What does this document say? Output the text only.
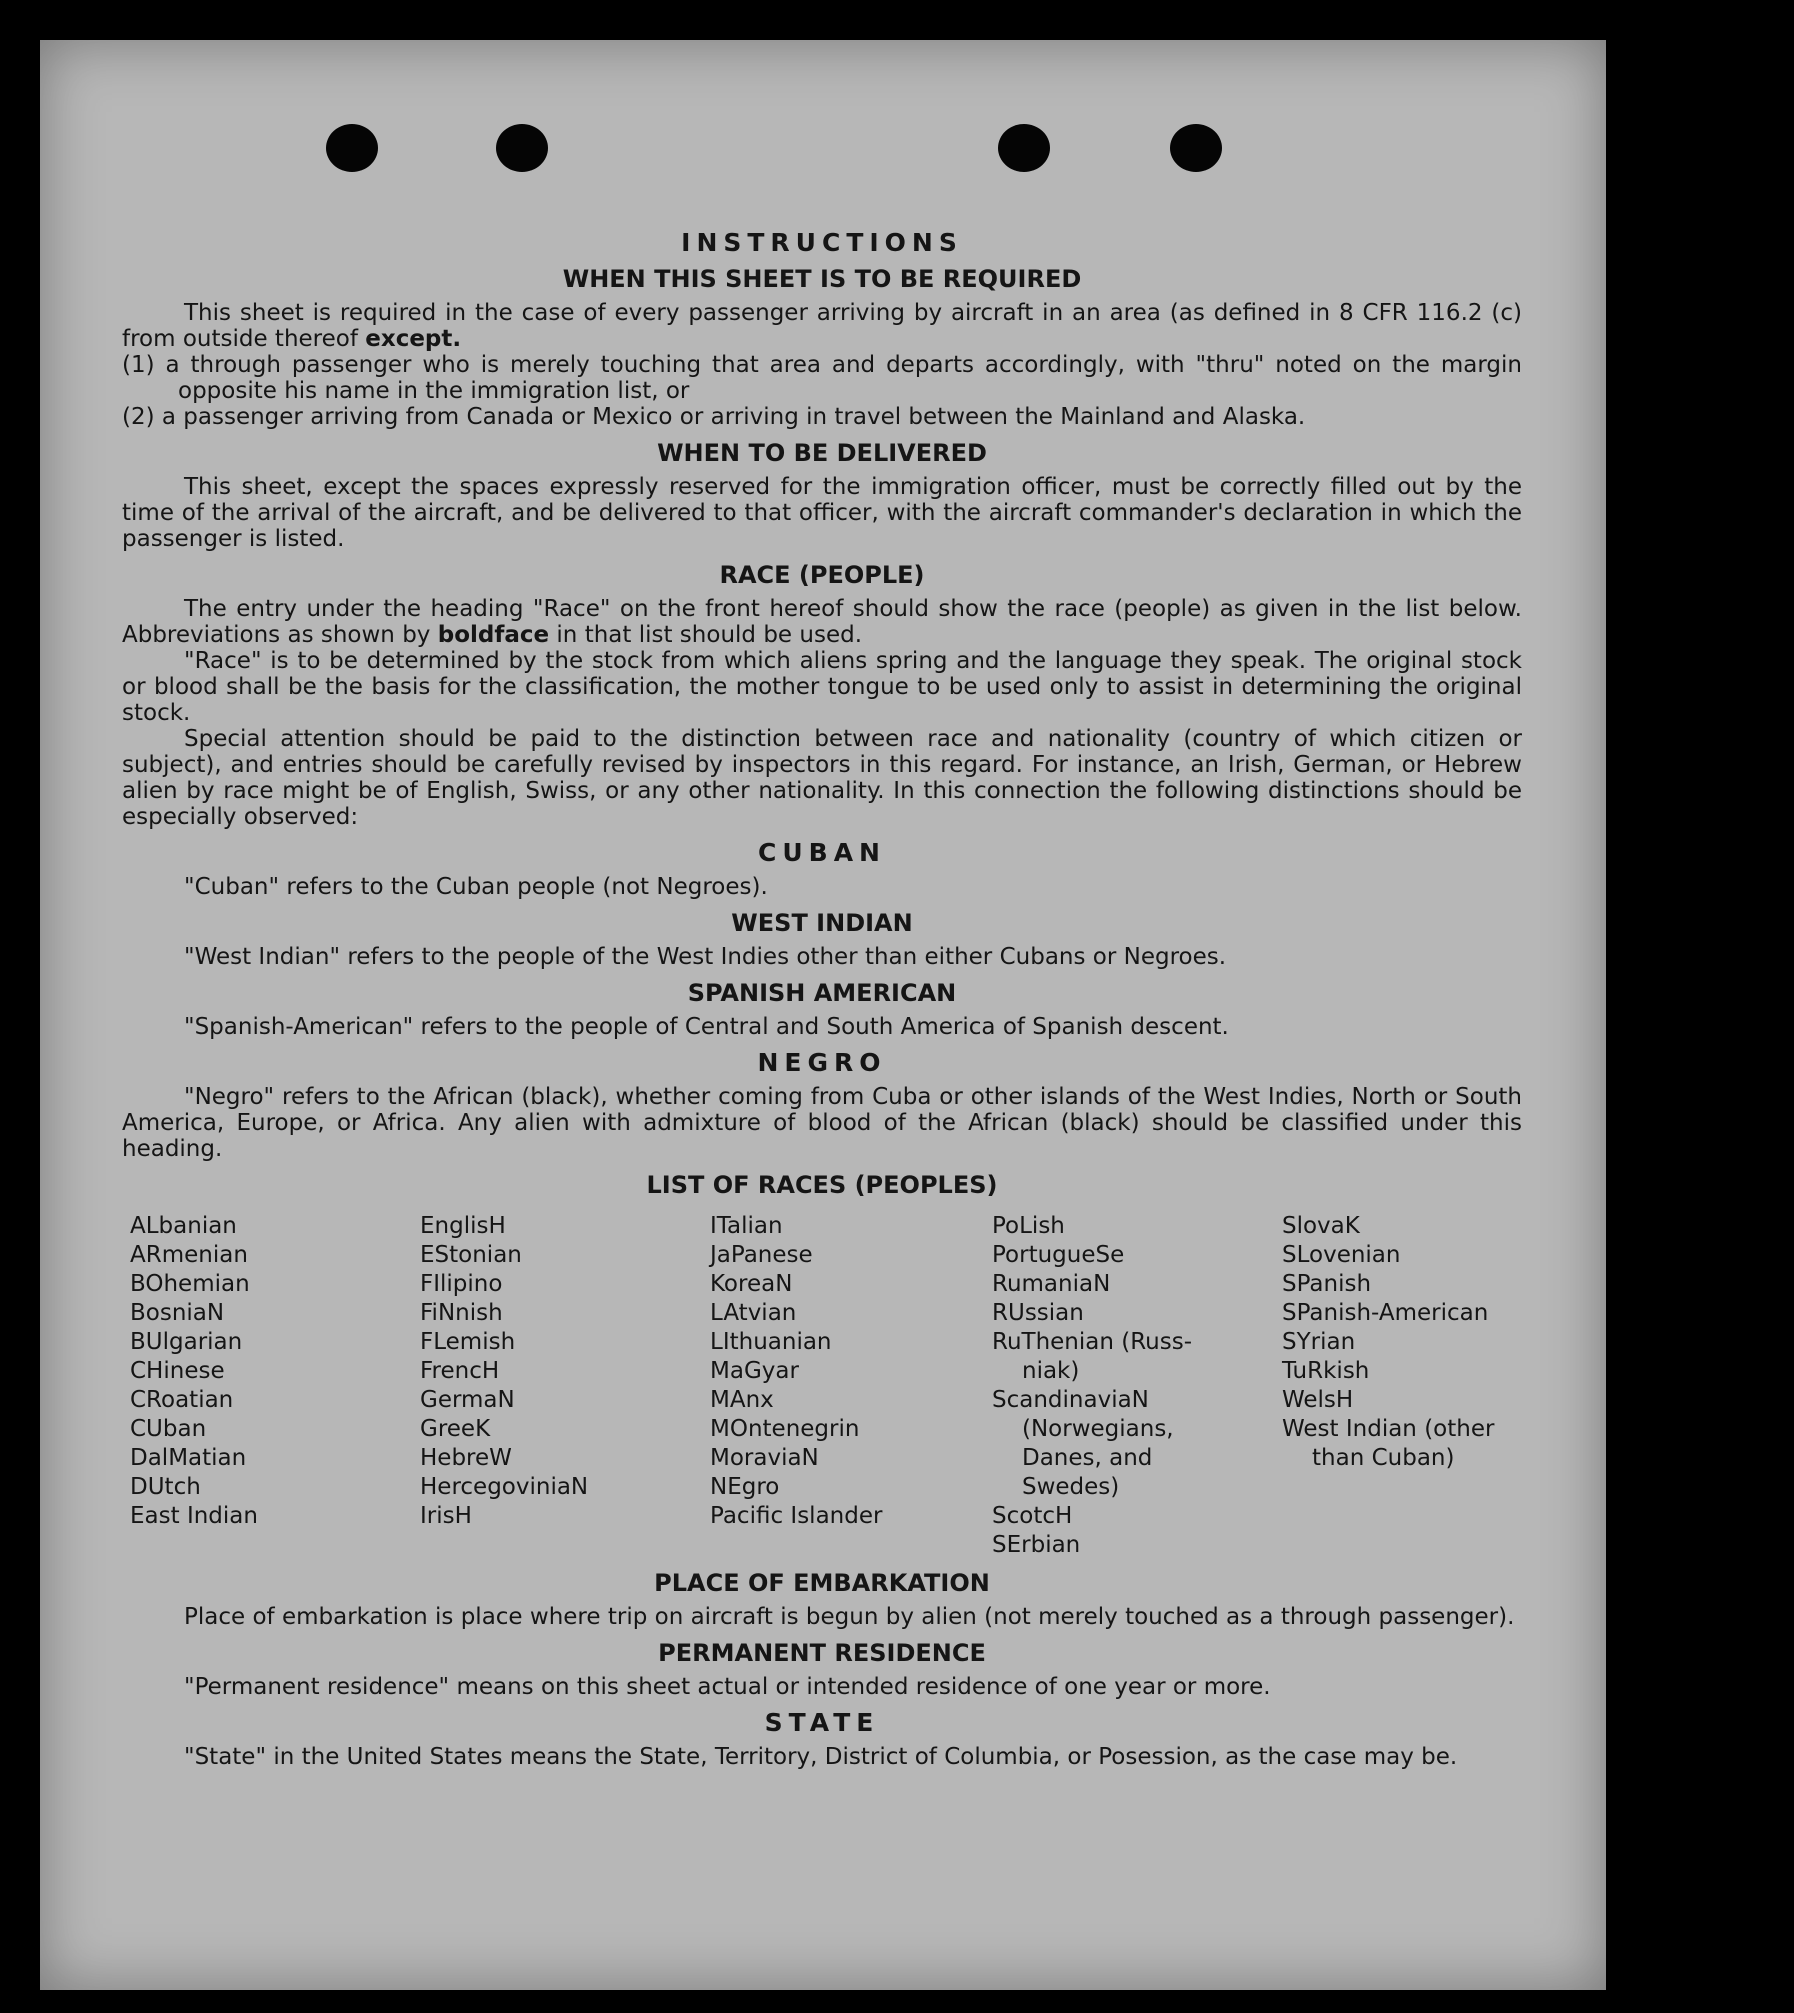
INSTRUCTIONS
WHEN THIS SHEET IS TO BE REQUIRED

This sheet is required in the case of every passenger arriving by aircraft in an area (as defined in 8 CFR 116.2 (c) from outside thereof except.

(1) a through passenger who is merely touching that area and departs accordingly, with "thru" noted on the margin opposite his name in the immigration list, or

(2) a passenger arriving from Canada or Mexico or arriving in travel between the Mainland and Alaska.

WHEN TO BE DELIVERED

This sheet, except the spaces expressly reserved for the immigration officer, must be correctly filled out by the time of the arrival of the aircraft, and be delivered to that officer, with the aircraft commander's declaration in which the passenger is listed.

RACE (PEOPLE)

The entry under the heading "Race" on the front hereof should show the race (people) as given in the list below. Abbreviations as shown by boldface in that list should be used.

"Race" is to be determined by the stock from which aliens spring and the language they speak. The original stock or blood shall be the basis for the classification, the mother tongue to be used only to assist in determining the original stock.

Special attention should be paid to the distinction between race and nationality (country of which citizen or subject), and entries should be carefully revised by inspectors in this regard. For instance, an Irish, German, or Hebrew alien by race might be of English, Swiss, or any other nationality. In this connection the following distinctions should be especially observed:

CUBAN

"Cuban" refers to the Cuban people (not Negroes).

WEST INDIAN

"West Indian" refers to the people of the West Indies other than either Cubans or Negroes.

SPANISH AMERICAN

"Spanish-American" refers to the people of Central and South America of Spanish descent.

NEGRO

"Negro" refers to the African (black), whether coming from Cuba or other islands of the West Indies, North or South America, Europe, or Africa. Any alien with admixture of blood of the African (black) should be classified under this heading.

LIST OF RACES (PEOPLES)
ALbanian
ARmenian
BOhemian
BosniaN
BUlgarian
CHinese
CRoatian
CUban
DalMatian
DUtch
East Indian
EnglisH
EStonian
FIlipino
FiNnish
FLemish
FrencH
GermaN
GreeK
HebreW
HercegoviniaN
IrisH
ITalian
JaPanese
KoreaN
LAtvian
LIthuanian
MaGyar
MAnx
MOntenegrin
MoraviaN
NEgro
Pacific Islander
PoLish
PortugueSe
RumaniaN
RUssian
RuThenian (Russ-
niak)
ScandinaviaN
(Norwegians,
Danes, and
Swedes)
ScotcH
SErbian
SlovaK
SLovenian
SPanish
SPanish-American
SYrian
TuRkish
WelsH
West Indian (other
than Cuban)
PLACE OF EMBARKATION

Place of embarkation is place where trip on aircraft is begun by alien (not merely touched as a through passenger).

PERMANENT RESIDENCE

"Permanent residence" means on this sheet actual or intended residence of one year or more.

STATE

"State" in the United States means the State, Territory, District of Columbia, or Posession, as the case may be.
